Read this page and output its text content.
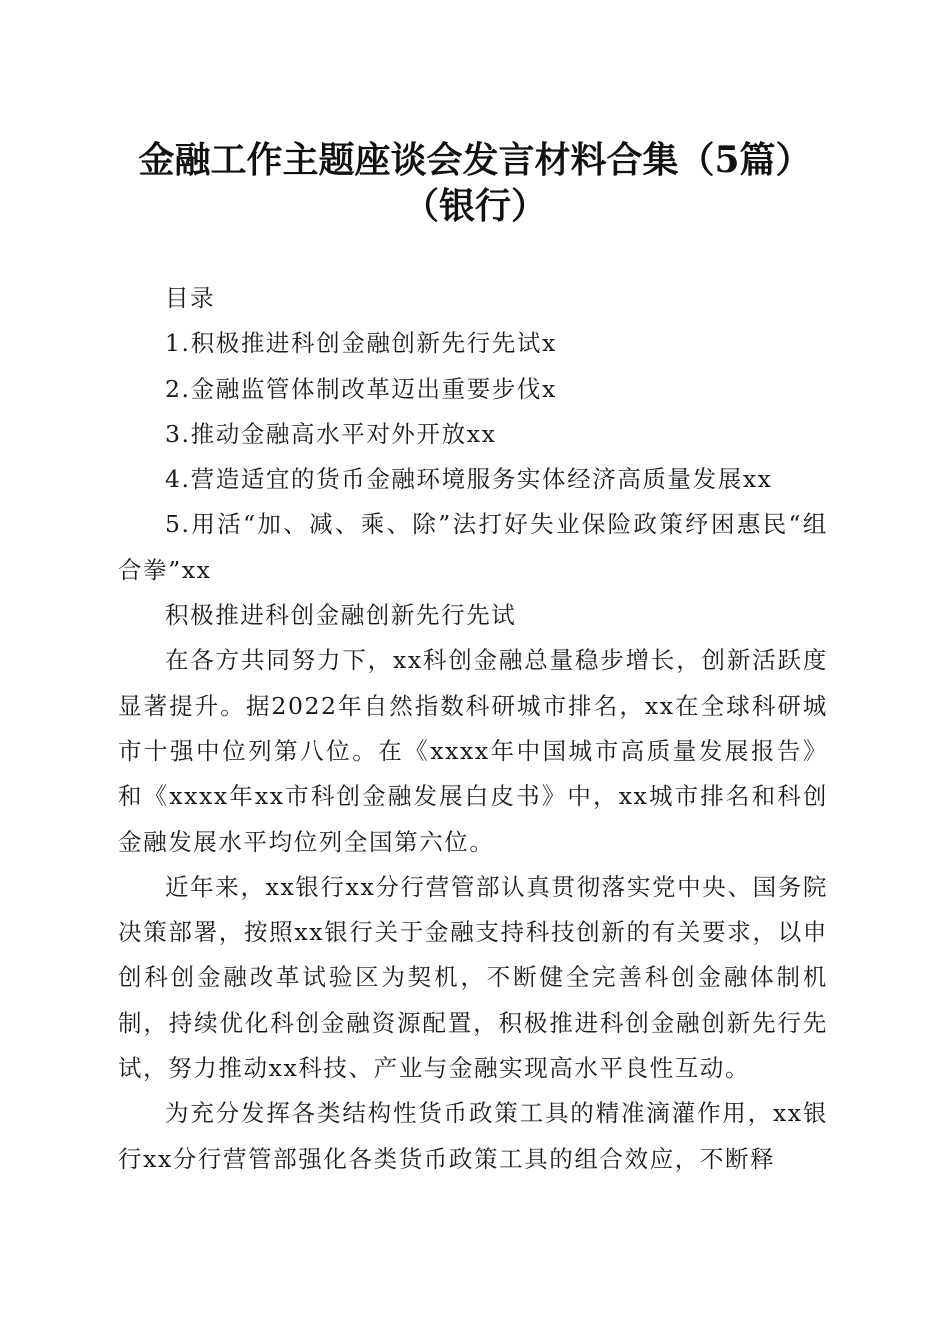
金融工作主题座谈会发言材料合集（5篇）
（银行）

目录

1.积极推进科创金融创新先行先试x

2.金融监管体制改革迈出重要步伐x

3.推动金融高水平对外开放xx

4.营造适宜的货币金融环境服务实体经济高质量发展xx

5.用活“加、减、乘、除”法打好失业保险政策纾困惠民“组合拳”xx

积极推进科创金融创新先行先试

在各方共同努力下，xx科创金融总量稳步增长，创新活跃度显著提升。据2022年自然指数科研城市排名，xx在全球科研城市十强中位列第八位。在《xxxx年中国城市高质量发展报告》和《xxxx年xx市科创金融发展白皮书》中，xx城市排名和科创金融发展水平均位列全国第六位。

近年来，xx银行xx分行营管部认真贯彻落实党中央、国务院决策部署，按照xx银行关于金融支持科技创新的有关要求，以申创科创金融改革试验区为契机，不断健全完善科创金融体制机制，持续优化科创金融资源配置，积极推进科创金融创新先行先试，努力推动xx科技、产业与金融实现高水平良性互动。

为充分发挥各类结构性货币政策工具的精准滴灌作用，xx银行xx分行营管部强化各类货币政策工具的组合效应，不断释
